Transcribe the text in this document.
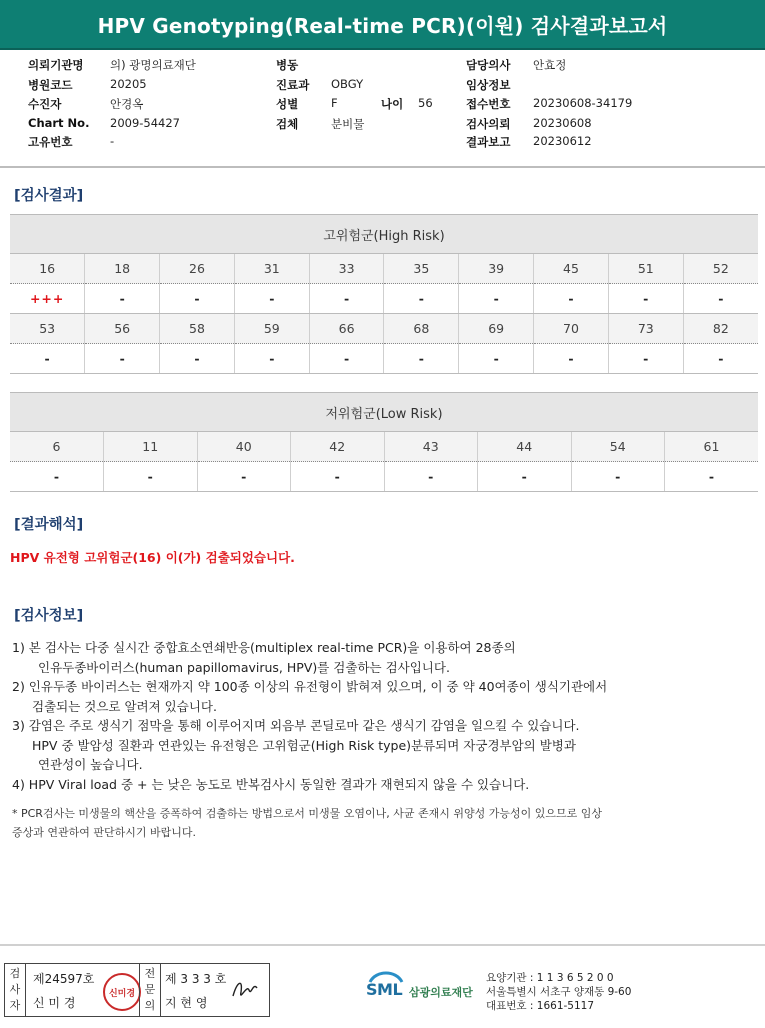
HPV Genotyping(Real-time PCR)(이원) 검사결과보고서
의뢰기관명 의) 광명의료재단
병원코드	20205
수진자	안경옥
Chart No. 2009-54427
고유번호	-
병동
진료과 OBGY
성별	F	나이 56
검체	분비물
담당의사 안효정
임상정보
접수번호 20230608-34179
검사의뢰 20230608
결과보고 20230612
[검사결과]
고위험군(High Risk)									
16	18	26	31	33	35	39	45	51	52
+++	-	-	-	-	-	-	-	-	-
53	56	58	59	66	68	69	70	73	82
-	-	-	-	-	-	-	-	-	-
저위험군(Low Risk)							
6	11	40	42	43	44	54	61
-	-	-	-	-	-	-	-
[결과해석]
HPV 유전형 고위험군(16) 이(가) 검출되었습니다.
[검사정보]
1) 본 검사는 다중 실시간 중합효소연쇄반응(multiplex real-time PCR)을 이용하여 28종의
인유두종바이러스(human papillomavirus, HPV)를 검출하는 검사입니다.
2) 인유두종 바이러스는 현재까지 약 100종 이상의 유전형이 밝혀져 있으며, 이 중 약 40여종이 생식기관에서
검출되는 것으로 알려져 있습니다.
3) 감염은 주로 생식기 점막을 통해 이루어지며 외음부 콘딜로마 같은 생식기 감염을 일으킬 수 있습니다.
HPV 중 발암성 질환과 연관있는 유전형은 고위험군(High Risk type)분류되며 자궁경부암의 발병과
연관성이 높습니다.
4) HPV Viral load 중 + 는 낮은 농도로 반복검사시 동일한 결과가 재현되지 않을 수 있습니다.
* PCR검사는 미생물의 핵산을 증폭하여 검출하는 방법으로서 미생물 오염이나, 사균 존재시 위양성 가능성이 있으므로 임상
증상과 연관하여 판단하시기 바랍니다.
검사자
제24597호
신 미 경
신미경
전문의
제 3 3 3 호
지 현 영
SML 삼광의료재단
요양기관 : 1 1 3 6 5 2 0 0
서울특별시 서초구 양재동 9-60
대표번호 : 1661-5117
